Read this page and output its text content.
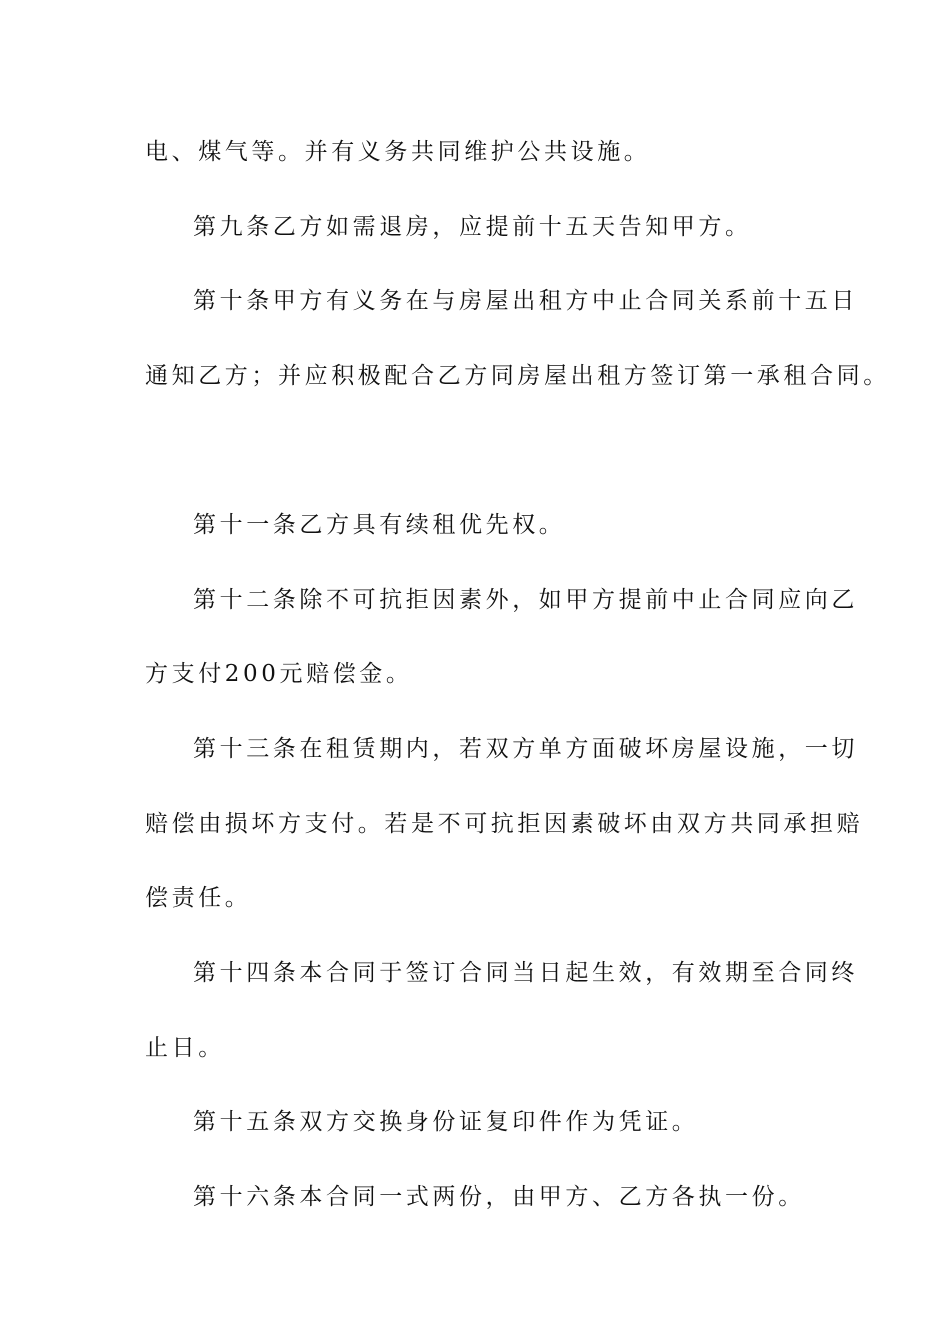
电、煤气等。并有义务共同维护公共设施。
第九条乙方如需退房，应提前十五天告知甲方。
第十条甲方有义务在与房屋出租方中止合同关系前十五日
通知乙方；并应积极配合乙方同房屋出租方签订第一承租合同。
第十一条乙方具有续租优先权。
第十二条除不可抗拒因素外，如甲方提前中止合同应向乙
方支付200元赔偿金。
第十三条在租赁期内，若双方单方面破坏房屋设施，一切
赔偿由损坏方支付。若是不可抗拒因素破坏由双方共同承担赔
偿责任。
第十四条本合同于签订合同当日起生效，有效期至合同终
止日。
第十五条双方交换身份证复印件作为凭证。
第十六条本合同一式两份，由甲方、乙方各执一份。
